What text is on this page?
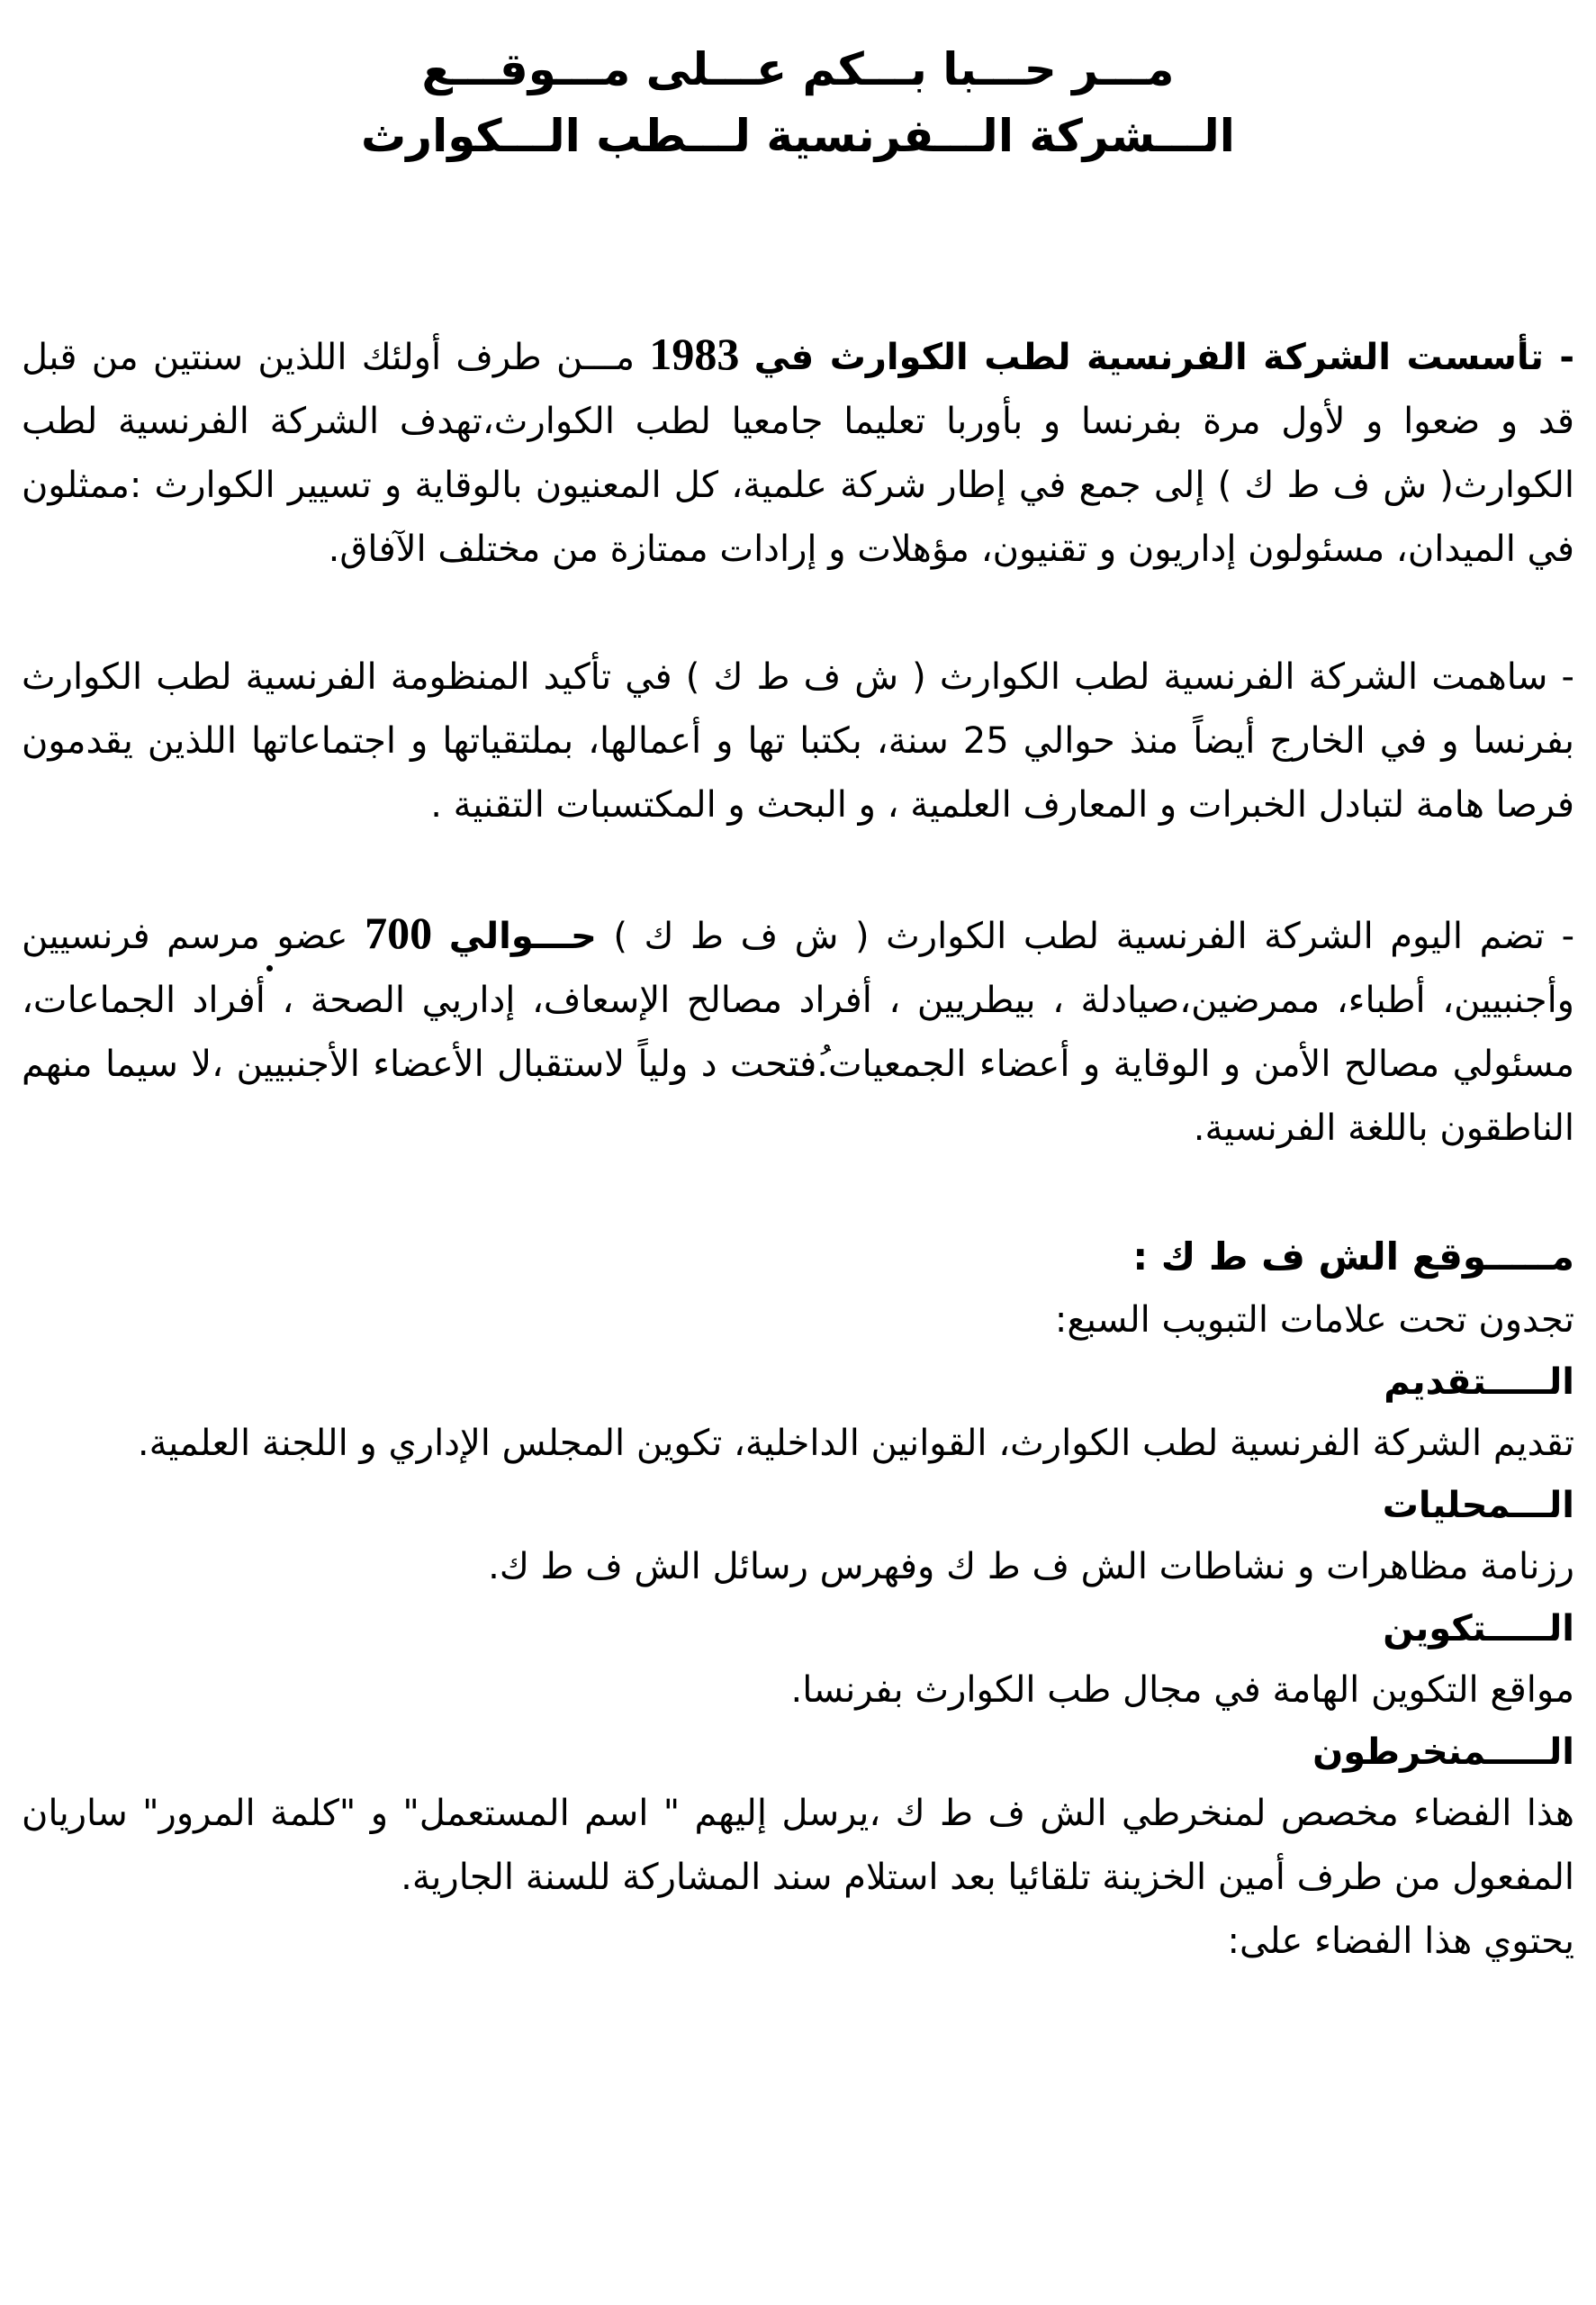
مـــر حـــبا بـــكم عـــلى مـــوقـــع

الـــشركة الـــفرنسية لـــطب الـــكوارث

- تأسست الشركة الفرنسية لطب الكوارث في 1983 مـــن طرف أولئك اللذين سنتين من قبل قد و ضعوا و لأول مرة بفرنسا و بأوربا تعليما جامعيا لطب الكوارث،تهدف الشركة الفرنسية لطب الكوارث( ش ف ط ك ) إلى جمع في إطار شركة علمية، كل المعنيون بالوقاية و تسيير الكوارث :ممثلون في الميدان، مسئولون إداريون و تقنيون، مؤهلات و إرادات ممتازة من مختلف الآفاق.

- ساهمت الشركة الفرنسية لطب الكوارث ( ش ف ط ك ) في تأكيد المنظومة الفرنسية لطب الكوارث بفرنسا و في الخارج أيضاً منذ حوالي 25 سنة، بكتبا تها و أعمالها، بملتقياتها و اجتماعاتها اللذين يقدمون فرصا هامة لتبادل الخبرات و المعارف العلمية ، و البحث و المكتسبات التقنية .

- تضم اليوم الشركة الفرنسية لطب الكوارث ( ش ف ط ك ) حـــوالي 700 عضو مرسم فرنسيين وأجنبيين، أطباء، ممرضين،صيادلة ، بيطريين ، أفراد مصالح الإسعاف، إداريي الصحة ، أفراد الجماعات، مسئولي مصالح الأمن و الوقاية و أعضاء الجمعيات.ُفتحت د ولياً لاستقبال الأعضاء الأجنبيين ،لا سيما منهم الناطقون باللغة الفرنسية.

مـــــوقع الش ف ط ك :

تجدون تحت علامات التبويب السبع:

الـــــتقديم

تقديم الشركة الفرنسية لطب الكوارث، القوانين الداخلية، تكوين المجلس الإداري و اللجنة العلمية.

الـــمحليات

رزنامة مظاهرات و نشاطات الش ف ط ك وفهرس رسائل الش ف ط ك.

الـــــتكوين

مواقع التكوين الهامة في مجال طب الكوارث بفرنسا.

الـــــمنخرطون

هذا الفضاء مخصص لمنخرطي الش ف ط ك ،يرسل إليهم " اسم المستعمل" و "كلمة المرور" ساريان المفعول من طرف أمين الخزينة تلقائيا بعد استلام سند المشاركة للسنة الجارية.

يحتوي هذا الفضاء على:
